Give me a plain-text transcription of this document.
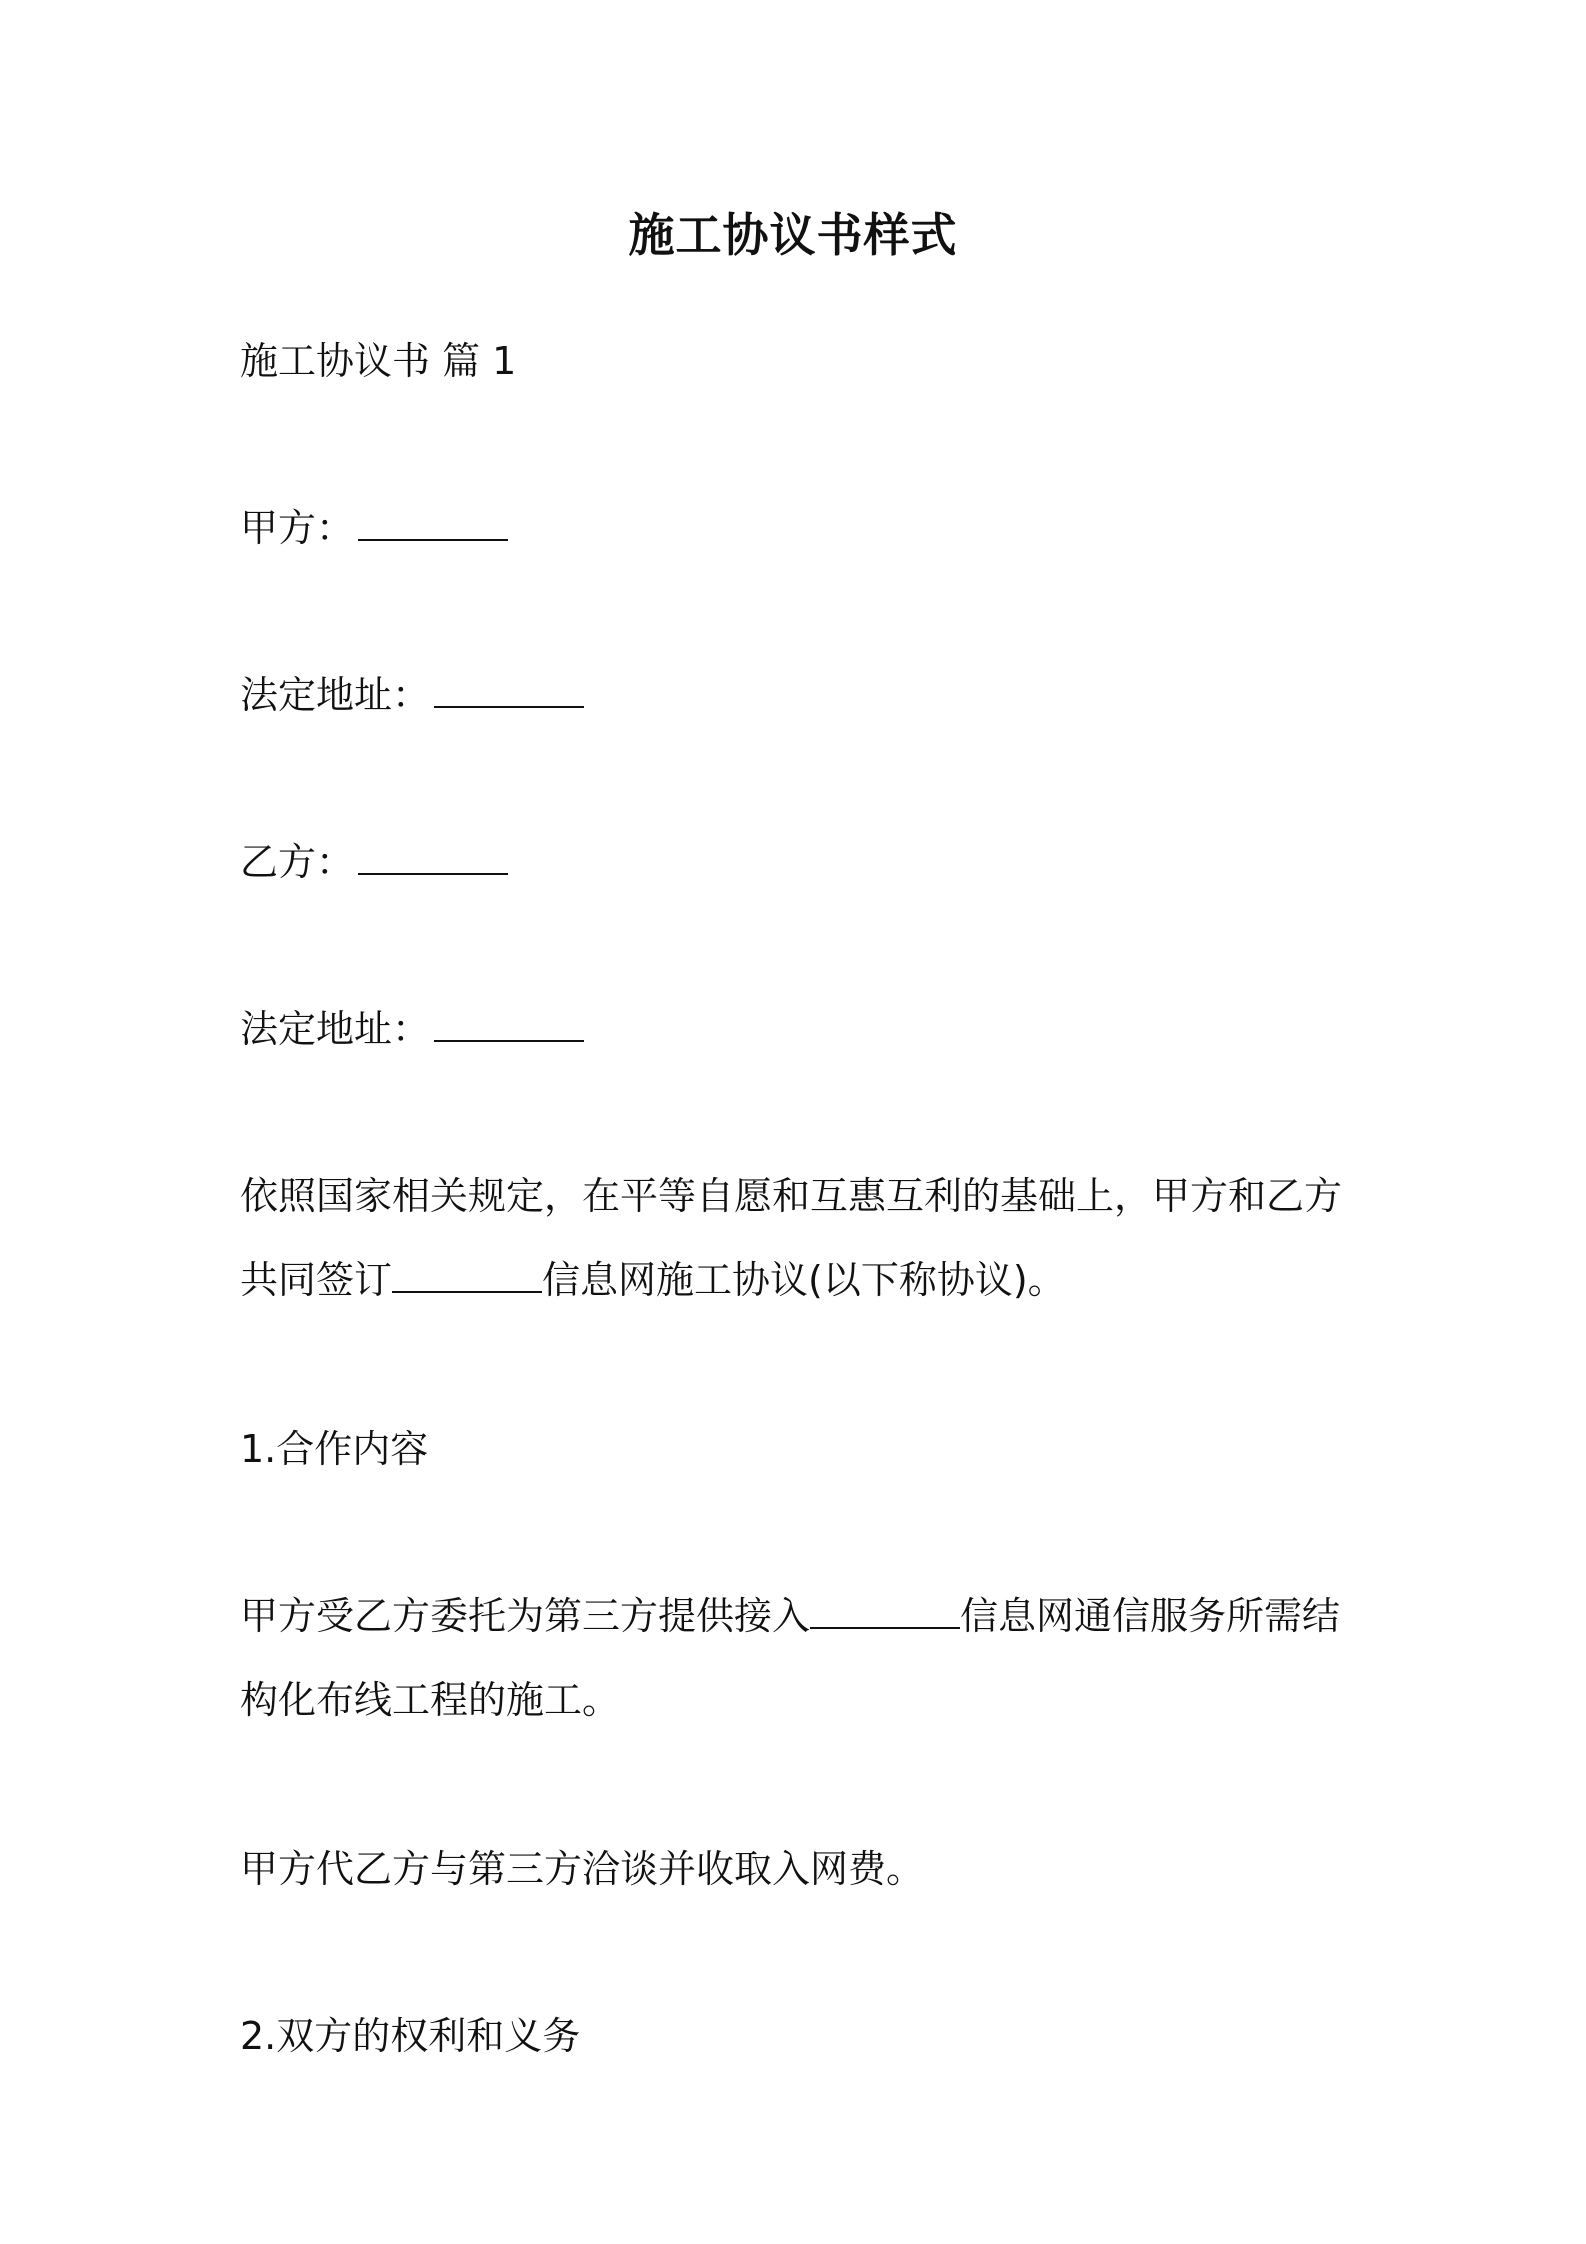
施工协议书样式
施工协议书 篇 1
甲方：
法定地址：
乙方：
法定地址：
依照国家相关规定，在平等自愿和互惠互利的基础上，甲方和乙方共同签订	信息网施工协议(以下称协议)。
1.合作内容
甲方受乙方委托为第三方提供接入	信息网通信服务所需结构化布线工程的施工。
甲方代乙方与第三方洽谈并收取入网费。
2.双方的权利和义务
